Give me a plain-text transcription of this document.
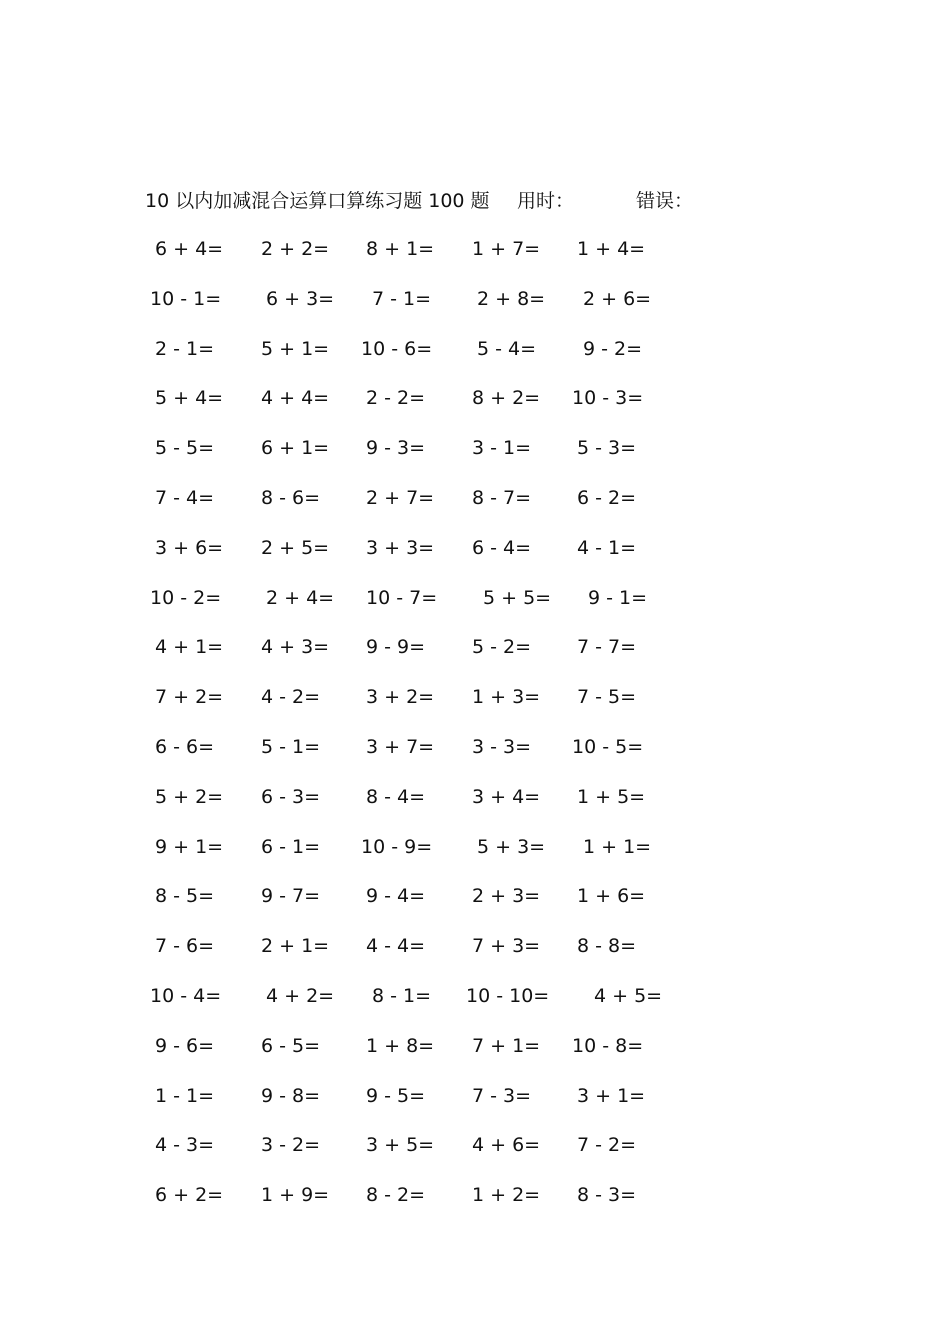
10 以内加减混合运算口算练习题 100 题 用时：	错误：
6 + 4= 2 + 2= 8 + 1= 1 + 7= 1 + 4=
10 - 1= 6 + 3= 7 - 1= 2 + 8= 2 + 6=
2 - 1= 5 + 1= 10 - 6= 5 - 4= 9 - 2=
5 + 4= 4 + 4= 2 - 2= 8 + 2= 10 - 3=
5 - 5= 6 + 1= 9 - 3= 3 - 1= 5 - 3=
7 - 4= 8 - 6= 2 + 7= 8 - 7= 6 - 2=
3 + 6= 2 + 5= 3 + 3= 6 - 4= 4 - 1=
10 - 2= 2 + 4= 10 - 7= 5 + 5= 9 - 1=
4 + 1= 4 + 3= 9 - 9= 5 - 2= 7 - 7=
7 + 2= 4 - 2= 3 + 2= 1 + 3= 7 - 5=
6 - 6= 5 - 1= 3 + 7= 3 - 3= 10 - 5=
5 + 2= 6 - 3= 8 - 4= 3 + 4= 1 + 5=
9 + 1= 6 - 1= 10 - 9= 5 + 3= 1 + 1=
8 - 5= 9 - 7= 9 - 4= 2 + 3= 1 + 6=
7 - 6= 2 + 1= 4 - 4= 7 + 3= 8 - 8=
10 - 4= 4 + 2= 8 - 1= 10 - 10= 4 + 5=
9 - 6= 6 - 5= 1 + 8= 7 + 1= 10 - 8=
1 - 1= 9 - 8= 9 - 5= 7 - 3= 3 + 1=
4 - 3= 3 - 2= 3 + 5= 4 + 6= 7 - 2=
6 + 2= 1 + 9= 8 - 2= 1 + 2= 8 - 3=
